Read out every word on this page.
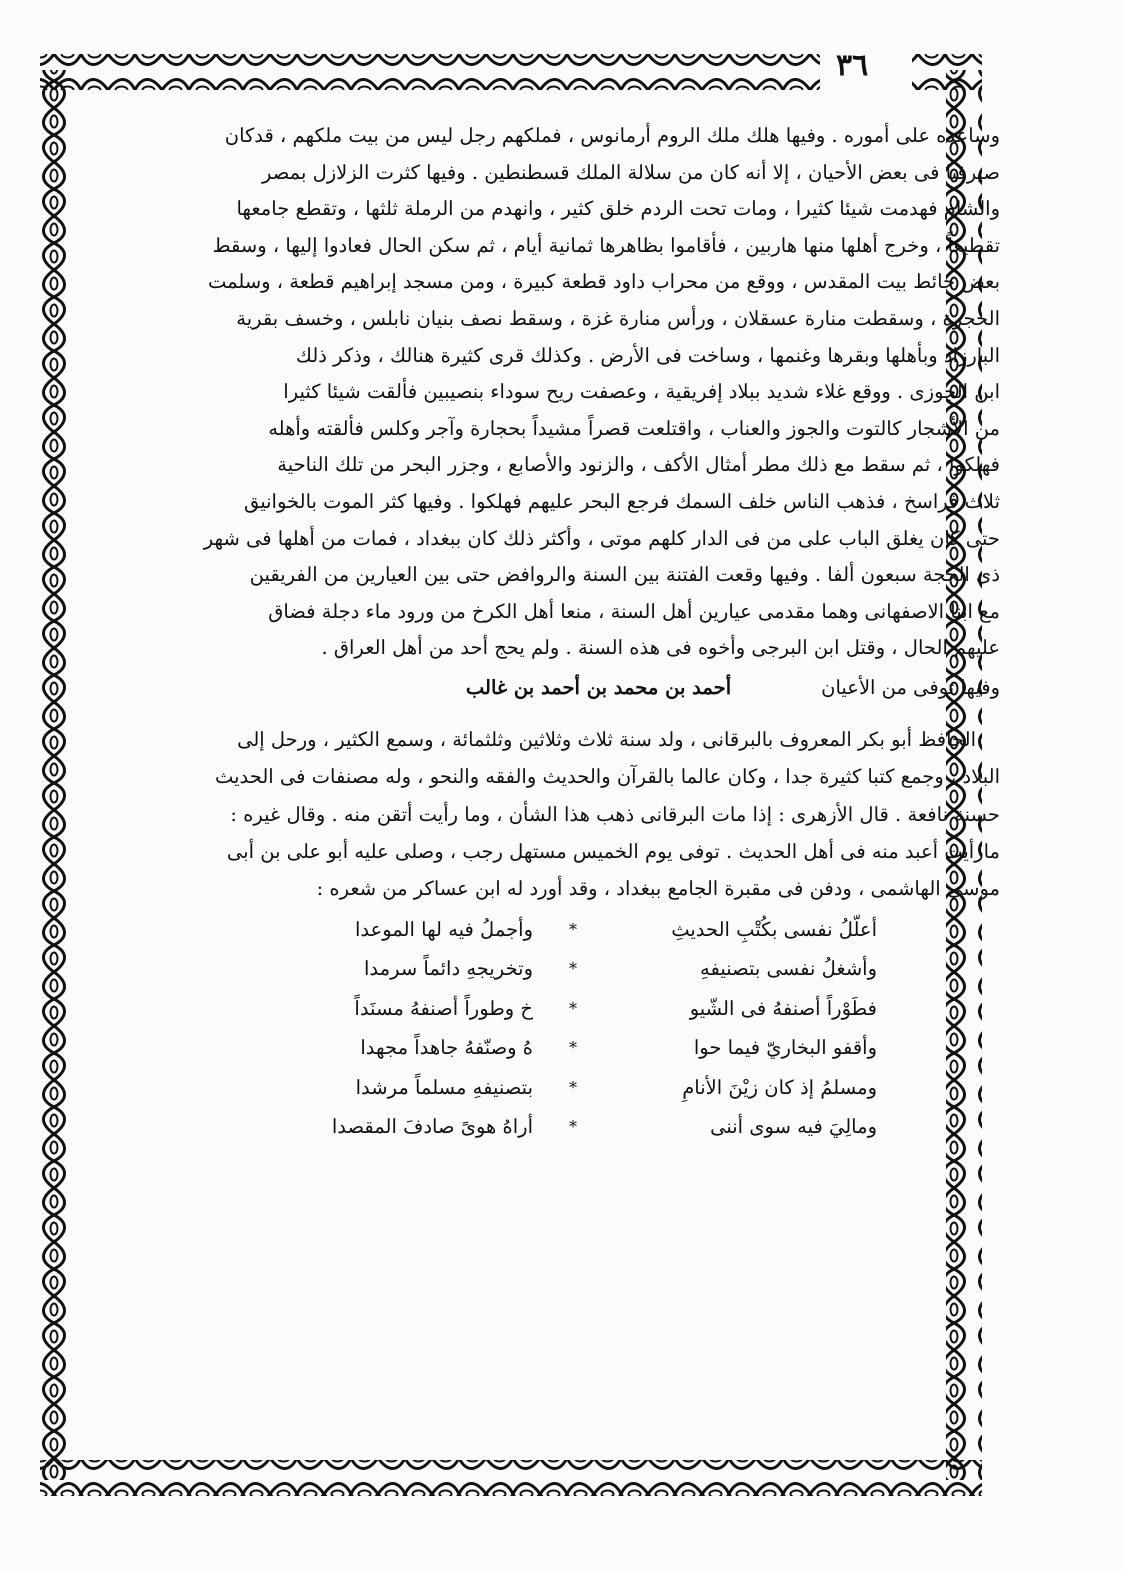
٣٦
وساعده على أموره . وفيها هلك ملك الروم أرمانوس ، فملكهم رجل ليس من بيت ملكهم ، قدكان
صيرفيا فى بعض الأحيان ، إلا أنه كان من سلالة الملك قسطنطين . وفيها كثرت الزلازل بمصر
والشام فهدمت شيئا كثيرا ، ومات تحت الردم خلق كثير ، وانهدم من الرملة ثلثها ، وتقطع جامعها
تقطيعاً ، وخرج أهلها منها هاربين ، فأقاموا بظاهرها ثمانية أيام ، ثم سكن الحال فعادوا إليها ، وسقط
بعض حائط بيت المقدس ، ووقع من محراب داود قطعة كبيرة ، ومن مسجد إبراهيم قطعة ، وسلمت
الحجرة ، وسقطت منارة عسقلان ، ورأس منارة غزة ، وسقط نصف بنيان نابلس ، وخسف بقرية
البارزاد وبأهلها وبقرها وغنمها ، وساخت فى الأرض . وكذلك قرى كثيرة هنالك ، وذكر ذلك
ابن الجوزى . ووقع غلاء شديد ببلاد إفريقية ، وعصفت ريح سوداء بنصيبين فألقت شيئا كثيرا
من الأشجار كالتوت والجوز والعناب ، واقتلعت قصراً مشيداً بحجارة وآجر وكلس فألقته وأهله
فهلكوا ، ثم سقط مع ذلك مطر أمثال الأكف ، والزنود والأصابع ، وجزر البحر من تلك الناحية
ثلاث فراسخ ، فذهب الناس خلف السمك فرجع البحر عليهم فهلكوا . وفيها كثر الموت بالخوانيق
حتى كان يغلق الباب على من فى الدار كلهم موتى ، وأكثر ذلك كان ببغداد ، فمات من أهلها فى شهر
ذى الحجة سبعون ألفا . وفيها وقعت الفتنة بين السنة والروافض حتى بين العيارين من الفريقين
مع ابنا الاصفهانى وهما مقدمى عيارين أهل السنة ، منعا أهل الكرخ من ورود ماء دجلة فضاق
عليهم الحال ، وقتل ابن البرجى وأخوه فى هذه السنة . ولم يحج أحد من أهل العراق .
وفيها توفى من الأعيان
أحمد بن محمد بن أحمد بن غالب
الحافظ أبو بكر المعروف بالبرقانى ، ولد سنة ثلاث وثلاثين وثلثمائة ، وسمع الكثير ، ورحل إلى
البلاد ، وجمع كتبا كثيرة جدا ، وكان عالما بالقرآن والحديث والفقه والنحو ، وله مصنفات فى الحديث
حسنة نافعة . قال الأزهرى : إذا مات البرقانى ذهب هذا الشأن ، وما رأيت أتقن منه . وقال غيره :
مارأيت أعبد منه فى أهل الحديث . توفى يوم الخميس مستهل رجب ، وصلى عليه أبو على بن أبى
موسى الهاشمى ، ودفن فى مقبرة الجامع ببغداد ، وقد أورد له ابن عساكر من شعره :
أعلّلُ نفسى بكُتْبِ الحديثِ
*
وأجملُ فيه لها الموعدا
وأشغلُ نفسى بتصنيفهِ
*
وتخريجهِ دائماً سرمدا
فطَوْراً أصنفهُ فى الشّيو
*
خ وطوراً أصنفهُ مسنَداً
وأقفو البخاريّ فيما حوا
*
هُ وصنّفهُ جاهداً مجهدا
ومسلمُ إذ كان زيْنَ الأنامِ
*
بتصنيفهِ مسلماً مرشدا
ومالِيَ فيه سوى أننى
*
أراهُ هوىً صادفَ المقصدا
